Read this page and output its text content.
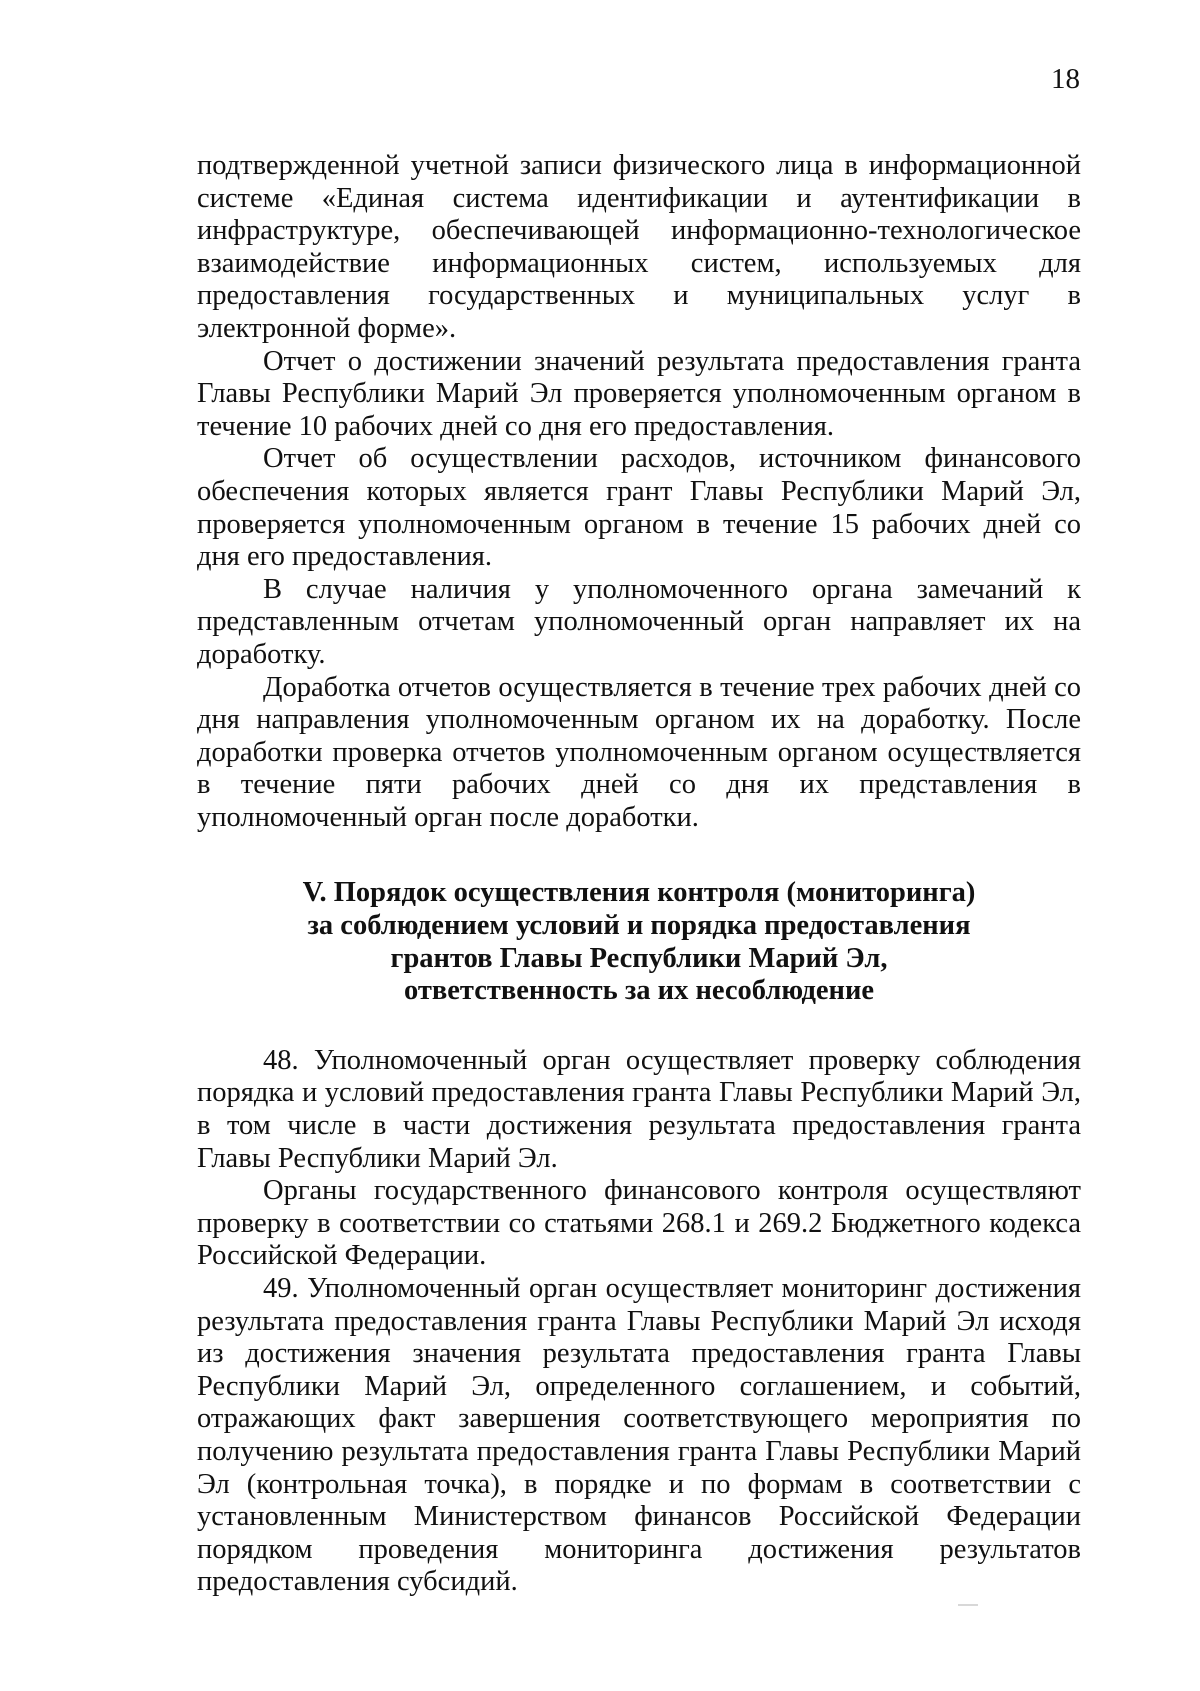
18

подтвержденной учетной записи физического лица в информационной системе «Единая система идентификации и аутентификации в инфраструктуре, обеспечивающей информационно-технологическое взаимодействие информационных систем, используемых для предоставления государственных и муниципальных услуг в электронной форме».

Отчет о достижении значений результата предоставления гранта Главы Республики Марий Эл проверяется уполномоченным органом в течение 10 рабочих дней со дня его предоставления.

Отчет об осуществлении расходов, источником финансового обеспечения которых является грант Главы Республики Марий Эл, проверяется уполномоченным органом в течение 15 рабочих дней со дня его предоставления.

В случае наличия у уполномоченного органа замечаний к представленным отчетам уполномоченный орган направляет их на доработку.

Доработка отчетов осуществляется в течение трех рабочих дней со дня направления уполномоченным органом их на доработку. После доработки проверка отчетов уполномоченным органом осуществляется в течение пяти рабочих дней со дня их представления в уполномоченный орган после доработки.

V. Порядок осуществления контроля (мониторинга)
за соблюдением условий и порядка предоставления
грантов Главы Республики Марий Эл,
ответственность за их несоблюдение

48. Уполномоченный орган осуществляет проверку соблюдения порядка и условий предоставления гранта Главы Республики Марий Эл, в том числе в части достижения результата предоставления гранта Главы Республики Марий Эл.

Органы государственного финансового контроля осуществляют проверку в соответствии со статьями 268.1 и 269.2 Бюджетного кодекса Российской Федерации.

49. Уполномоченный орган осуществляет мониторинг достижения результата предоставления гранта Главы Республики Марий Эл исходя из достижения значения результата предоставления гранта Главы Республики Марий Эл, определенного соглашением, и событий, отражающих факт завершения соответствующего мероприятия по получению результата предоставления гранта Главы Республики Марий Эл (контрольная точка), в порядке и по формам в соответствии с установленным Министерством финансов Российской Федерации порядком проведения мониторинга достижения результатов предоставления субсидий.
